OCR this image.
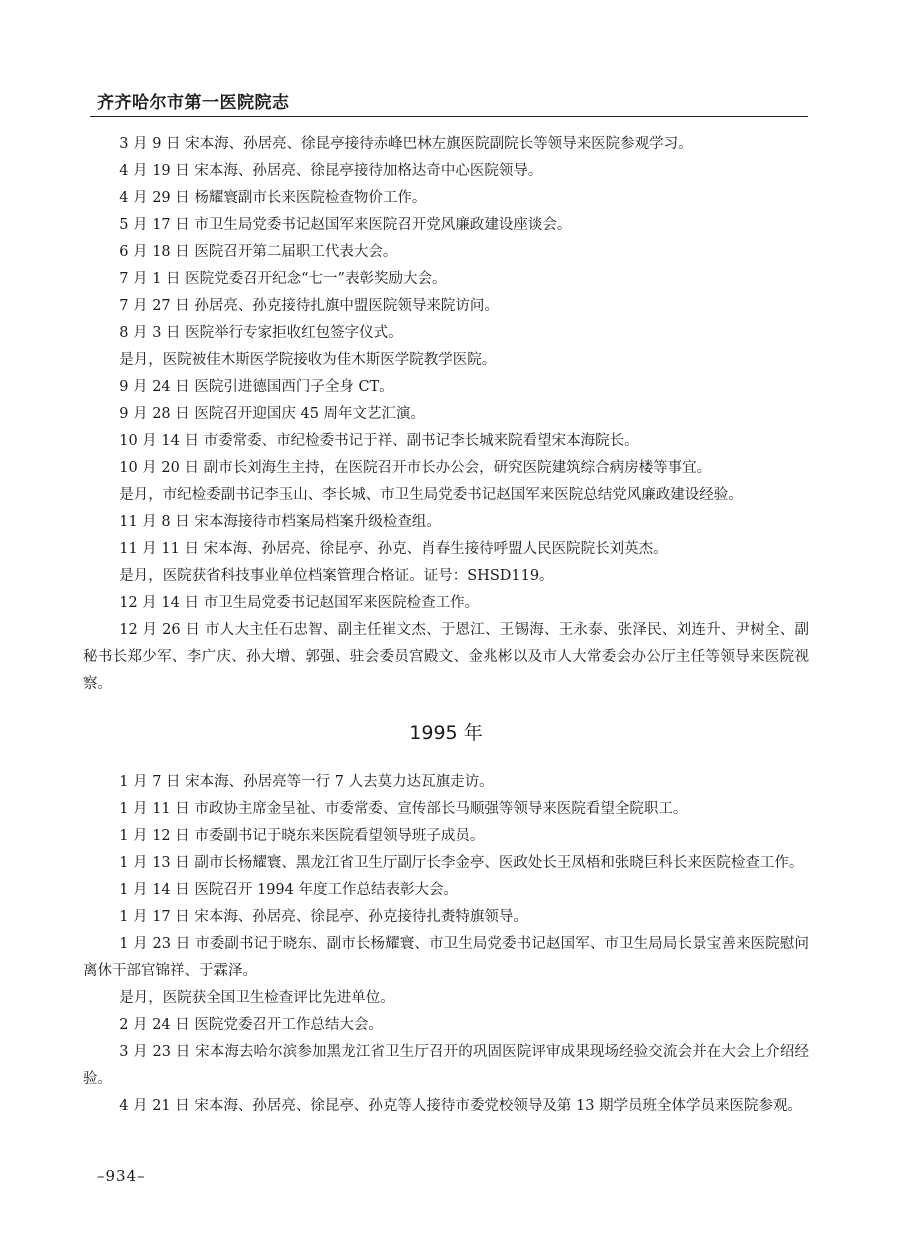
齐齐哈尔市第一医院院志

3 月 9 日 宋本海、孙居亮、徐昆亭接待赤峰巴林左旗医院副院长等领导来医院参观学习。

4 月 19 日 宋本海、孙居亮、徐昆亭接待加格达奇中心医院领导。

4 月 29 日 杨耀寰副市长来医院检查物价工作。

5 月 17 日 市卫生局党委书记赵国军来医院召开党风廉政建设座谈会。

6 月 18 日 医院召开第二届职工代表大会。

7 月 1 日 医院党委召开纪念“七一”表彰奖励大会。

7 月 27 日 孙居亮、孙克接待扎旗中盟医院领导来院访问。

8 月 3 日 医院举行专家拒收红包签字仪式。

是月，医院被佳木斯医学院接收为佳木斯医学院教学医院。

9 月 24 日 医院引进德国西门子全身 CT。

9 月 28 日 医院召开迎国庆 45 周年文艺汇演。

10 月 14 日 市委常委、市纪检委书记于祥、副书记李长城来院看望宋本海院长。

10 月 20 日 副市长刘海生主持，在医院召开市长办公会，研究医院建筑综合病房楼等事宜。

是月，市纪检委副书记李玉山、李长城、市卫生局党委书记赵国军来医院总结党风廉政建设经验。

11 月 8 日 宋本海接待市档案局档案升级检查组。

11 月 11 日 宋本海、孙居亮、徐昆亭、孙克、肖春生接待呼盟人民医院院长刘英杰。

是月，医院获省科技事业单位档案管理合格证。证号：SHSD119。

12 月 14 日 市卫生局党委书记赵国军来医院检查工作。

12 月 26 日 市人大主任石忠智、副主任崔文杰、于恩江、王锡海、王永泰、张泽民、刘连升、尹树全、副秘书长郑少军、李广庆、孙大增、郭强、驻会委员宫殿文、金兆彬以及市人大常委会办公厅主任等领导来医院视察。

1995 年

1 月 7 日 宋本海、孙居亮等一行 7 人去莫力达瓦旗走访。

1 月 11 日 市政协主席金呈祉、市委常委、宣传部长马顺强等领导来医院看望全院职工。

1 月 12 日 市委副书记于晓东来医院看望领导班子成员。

1 月 13 日 副市长杨耀寰、黑龙江省卫生厅副厅长李金亭、医政处长王凤梧和张晓巨科长来医院检查工作。

1 月 14 日 医院召开 1994 年度工作总结表彰大会。

1 月 17 日 宋本海、孙居亮、徐昆亭、孙克接待扎赉特旗领导。

1 月 23 日 市委副书记于晓东、副市长杨耀寰、市卫生局党委书记赵国军、市卫生局局长景宝善来医院慰问离休干部官锦祥、于霖泽。

是月，医院获全国卫生检查评比先进单位。

2 月 24 日 医院党委召开工作总结大会。

3 月 23 日 宋本海去哈尔滨参加黑龙江省卫生厅召开的巩固医院评审成果现场经验交流会并在大会上介绍经验。

4 月 21 日 宋本海、孙居亮、徐昆亭、孙克等人接待市委党校领导及第 13 期学员班全体学员来医院参观。

–934–
